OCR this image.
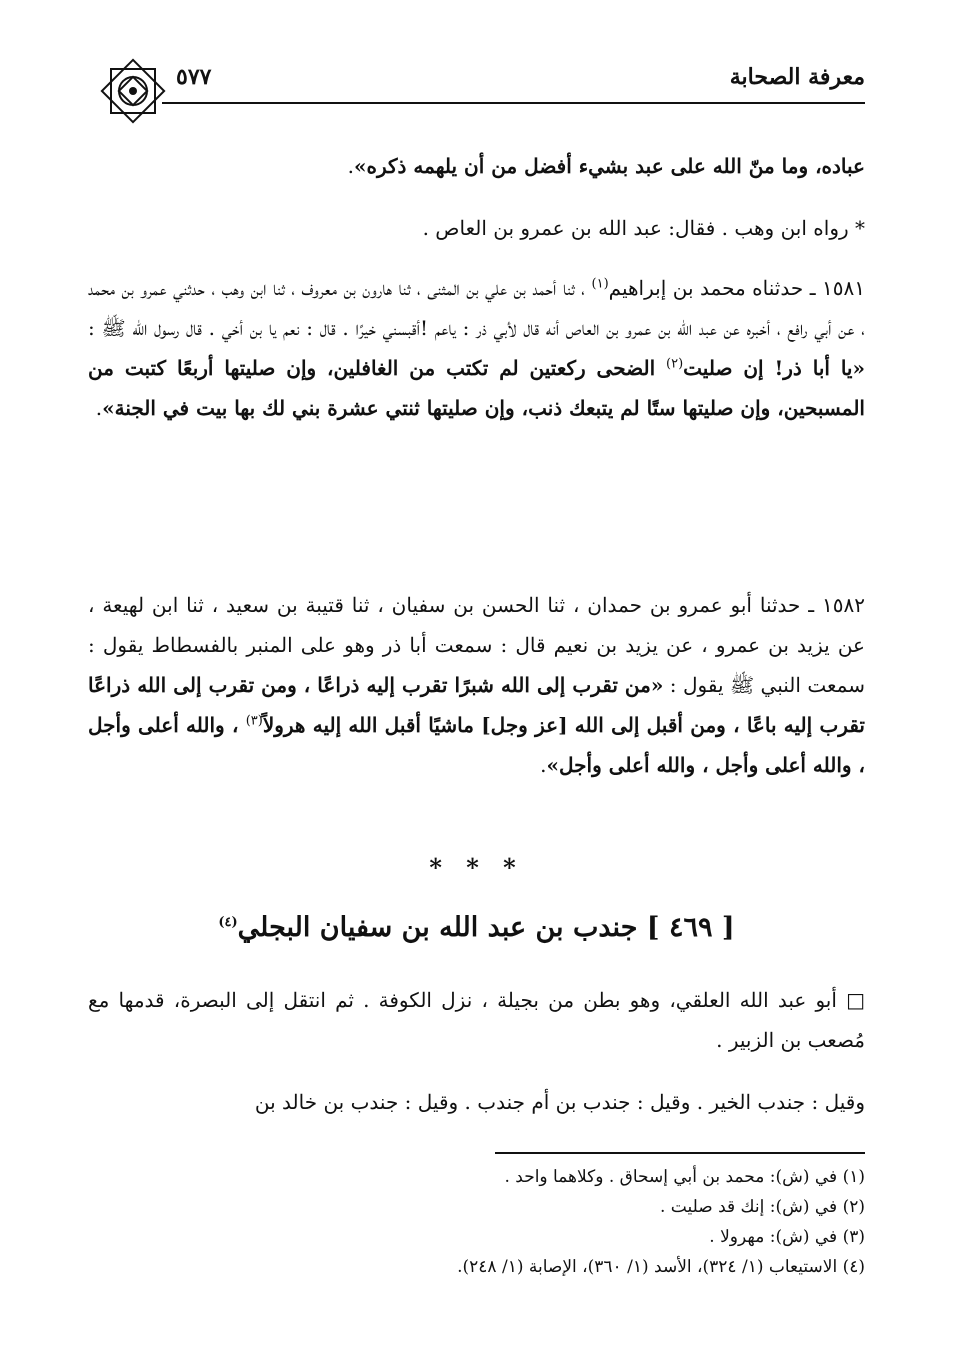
معرفة الصحابة
٥٧٧

عباده، وما منّ الله على عبد بشيء أفضل من أن يلهمه ذكره».

* رواه ابن وهب . فقال: عبد الله بن عمرو بن العاص .

١٥٨١ ـ حدثناه محمد بن إبراهيم$^{(١)}$ ، ثنا أحمد بن علي بن المثنى ، ثنا هارون بن معروف ، ثنا ابن وهب ، حدثني عمرو بن محمد ، عن أبي رافع ، أخبره عن عبد الله بن عمرو بن العاص أنه قال لأبي ذر : ياعم !أقبسني خيرًا . قال : نعم يا بن أخي . قال رسول الله ﷺ : «يا أبا ذر! إن صليت$^{(٢)}$ الضحى ركعتين لم تكتب من الغافلين، وإن صليتها أربعًا كتبت من المسبحين، وإن صليتها ستًا لم يتبعك ذنب، وإن صليتها ثنتي عشرة بني لك بها بيت في الجنة».

١٥٨٢ ـ حدثنا أبو عمرو بن حمدان ، ثنا الحسن بن سفيان ، ثنا قتيبة بن سعيد ، ثنا ابن لهيعة ، عن يزيد بن عمرو ، عن يزيد بن نعيم قال : سمعت أبا ذر وهو على المنبر بالفسطاط يقول : سمعت النبي ﷺ يقول : «من تقرب إلى الله شبرًا تقرب إليه ذراعًا ، ومن تقرب إلى الله ذراعًا تقرب إليه باعًا ، ومن أقبل إلى الله [عز وجل] ماشيًا أقبل الله إليه هرولاً$^{(٣)}$ ، والله أعلى وأجل ، والله أعلى وأجل ، والله أعلى وأجل».

* * *
[ ٤٦٩ ] جندب بن عبد الله بن سفيان البجلي$^{(٤)}$

□ أبو عبد الله العلقي، وهو بطن من بجيلة ، نزل الكوفة . ثم انتقل إلى البصرة، قدمها مع مُصعب بن الزبير .

وقيل : جندب الخير . وقيل : جندب بن أم جندب . وقيل : جندب بن خالد بن

(١) في (ش): محمد بن أبي إسحاق . وكلاهما واحد .
(٢) في (ش): إنك قد صليت .
(٣) في (ش): مهرولا .
(٤) الاستيعاب (١/ ٣٢٤)، الأسد (١/ ٣٦٠)، الإصابة (١/ ٢٤٨).
